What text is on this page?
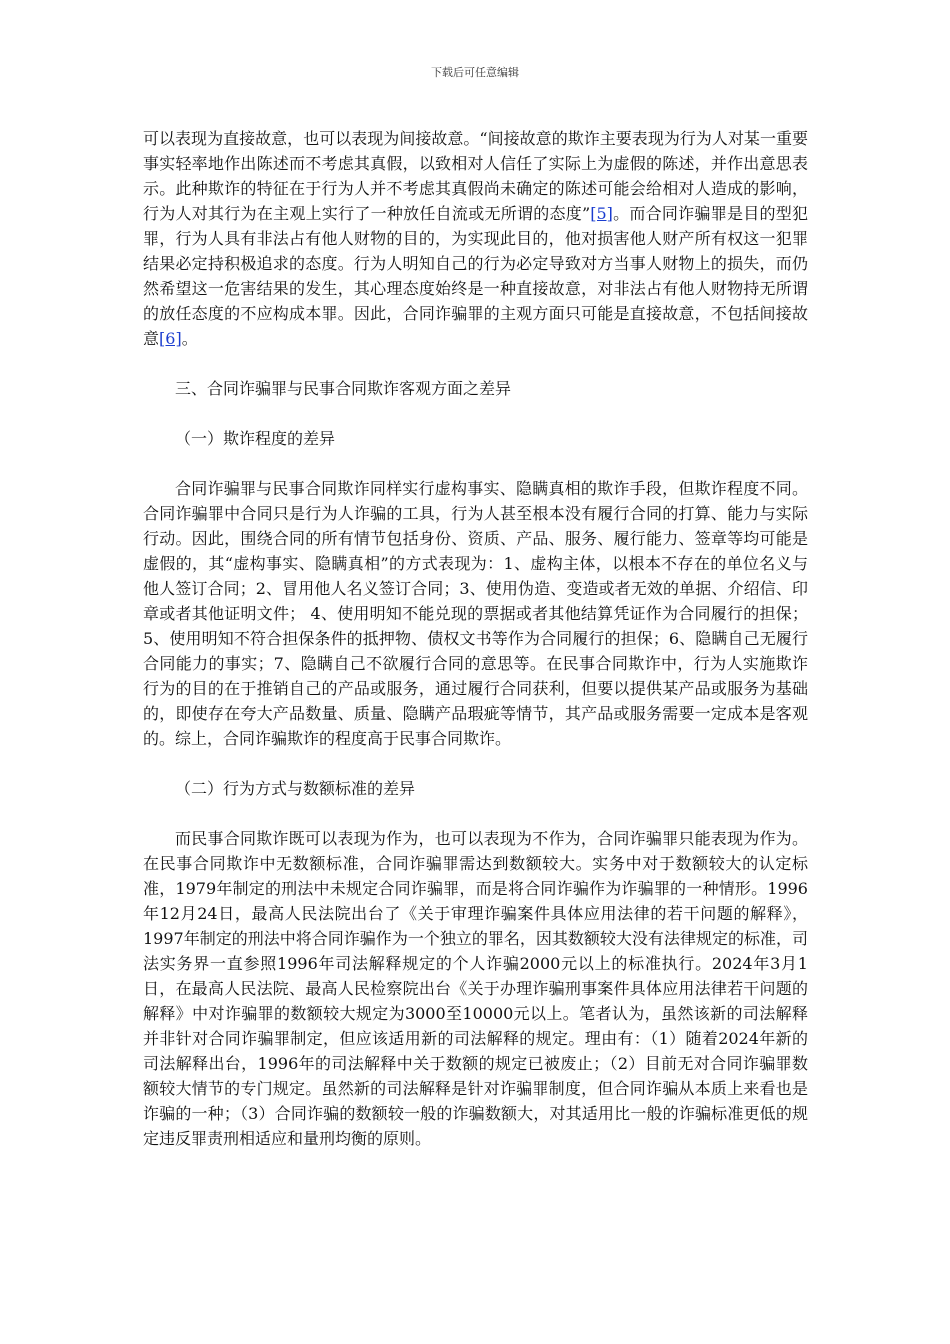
下载后可任意编辑

可以表现为直接故意，也可以表现为间接故意。“间接故意的欺诈主要表现为行为人对某一重要事实轻率地作出陈述而不考虑其真假，以致相对人信任了实际上为虚假的陈述，并作出意思表示。此种欺诈的特征在于行为人并不考虑其真假尚未确定的陈述可能会给相对人造成的影响，行为人对其行为在主观上实行了一种放任自流或无所谓的态度”[5]。而合同诈骗罪是目的型犯罪，行为人具有非法占有他人财物的目的，为实现此目的，他对损害他人财产所有权这一犯罪结果必定持积极追求的态度。行为人明知自己的行为必定导致对方当事人财物上的损失，而仍然希望这一危害结果的发生，其心理态度始终是一种直接故意，对非法占有他人财物持无所谓的放任态度的不应构成本罪。因此，合同诈骗罪的主观方面只可能是直接故意，不包括间接故意[6]。

三、合同诈骗罪与民事合同欺诈客观方面之差异

（一）欺诈程度的差异

合同诈骗罪与民事合同欺诈同样实行虚构事实、隐瞒真相的欺诈手段，但欺诈程度不同。合同诈骗罪中合同只是行为人诈骗的工具，行为人甚至根本没有履行合同的打算、能力与实际行动。因此，围绕合同的所有情节包括身份、资质、产品、服务、履行能力、签章等均可能是虚假的，其“虚构事实、隐瞒真相”的方式表现为：1、虚构主体，以根本不存在的单位名义与他人签订合同；2、冒用他人名义签订合同；3、使用伪造、变造或者无效的单据、介绍信、印章或者其他证明文件； 4、使用明知不能兑现的票据或者其他结算凭证作为合同履行的担保；5、使用明知不符合担保条件的抵押物、债权文书等作为合同履行的担保；6、隐瞒自己无履行合同能力的事实；7、隐瞒自己不欲履行合同的意思等。在民事合同欺诈中，行为人实施欺诈行为的目的在于推销自己的产品或服务，通过履行合同获利，但要以提供某产品或服务为基础的，即使存在夸大产品数量、质量、隐瞒产品瑕疵等情节，其产品或服务需要一定成本是客观的。综上，合同诈骗欺诈的程度高于民事合同欺诈。

（二）行为方式与数额标准的差异

而民事合同欺诈既可以表现为作为，也可以表现为不作为，合同诈骗罪只能表现为作为。在民事合同欺诈中无数额标准，合同诈骗罪需达到数额较大。实务中对于数额较大的认定标准，1979年制定的刑法中未规定合同诈骗罪，而是将合同诈骗作为诈骗罪的一种情形。1996年12月24日，最高人民法院出台了《关于审理诈骗案件具体应用法律的若干问题的解释》，1997年制定的刑法中将合同诈骗作为一个独立的罪名，因其数额较大没有法律规定的标准，司法实务界一直参照1996年司法解释规定的个人诈骗2000元以上的标准执行。2024年3月1日，在最高人民法院、最高人民检察院出台《关于办理诈骗刑事案件具体应用法律若干问题的解释》中对诈骗罪的数额较大规定为3000至10000元以上。笔者认为，虽然该新的司法解释并非针对合同诈骗罪制定，但应该适用新的司法解释的规定。理由有：（1）随着2024年新的司法解释出台，1996年的司法解释中关于数额的规定已被废止；（2）目前无对合同诈骗罪数额较大情节的专门规定。虽然新的司法解释是针对诈骗罪制度，但合同诈骗从本质上来看也是诈骗的一种；（3）合同诈骗的数额较一般的诈骗数额大，对其适用比一般的诈骗标准更低的规定违反罪责刑相适应和量刑均衡的原则。
